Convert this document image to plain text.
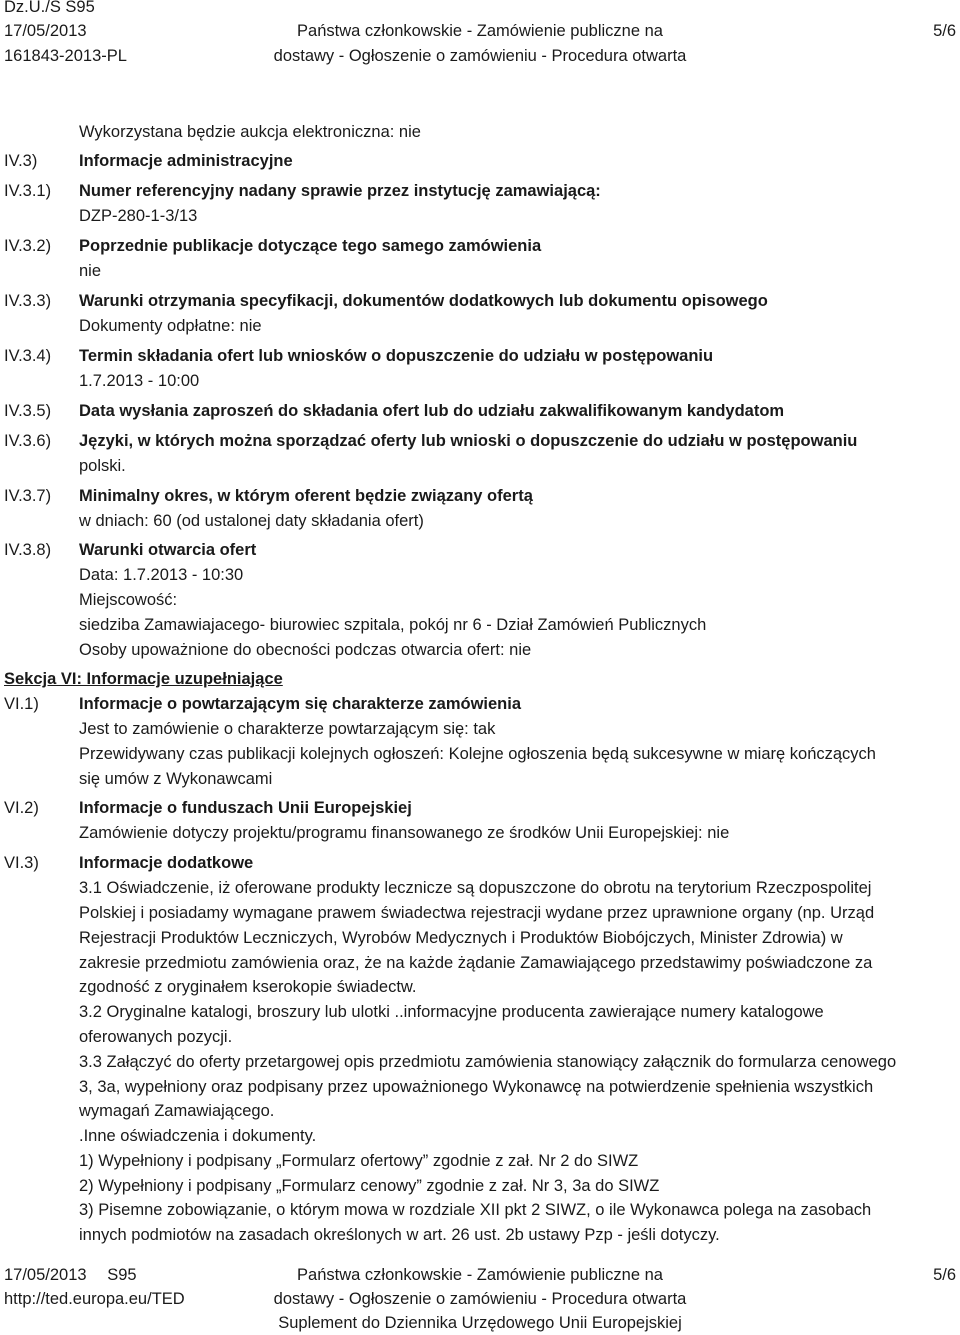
Dz.U./S S95
17/05/2013	Państwa członkowskie - Zamówienie publiczne na	5/6
161843-2013-PL	dostawy - Ogłoszenie o zamówieniu - Procedura otwarta
Wykorzystana będzie aukcja elektroniczna: nie
IV.3)	Informacje administracyjne
IV.3.1)	Numer referencyjny nadany sprawie przez instytucję zamawiającą:
DZP-280-1-3/13
IV.3.2)	Poprzednie publikacje dotyczące tego samego zamówienia
nie
IV.3.3)	Warunki otrzymania specyfikacji, dokumentów dodatkowych lub dokumentu opisowego
Dokumenty odpłatne: nie
IV.3.4)	Termin składania ofert lub wniosków o dopuszczenie do udziału w postępowaniu
1.7.2013 - 10:00
IV.3.5)	Data wysłania zaproszeń do składania ofert lub do udziału zakwalifikowanym kandydatom
IV.3.6)	Języki, w których można sporządzać oferty lub wnioski o dopuszczenie do udziału w postępowaniu
polski.
IV.3.7)	Minimalny okres, w którym oferent będzie związany ofertą
w dniach: 60 (od ustalonej daty składania ofert)
IV.3.8)	Warunki otwarcia ofert
Data: 1.7.2013 - 10:30
Miejscowość:
siedziba Zamawiajacego- biurowiec szpitala, pokój nr 6 - Dział Zamówień Publicznych
Osoby upoważnione do obecności podczas otwarcia ofert: nie
Sekcja VI: Informacje uzupełniające
VI.1)	Informacje o powtarzającym się charakterze zamówienia
Jest to zamówienie o charakterze powtarzającym się: tak
Przewidywany czas publikacji kolejnych ogłoszeń: Kolejne ogłoszenia będą sukcesywne w miarę kończących
się umów z Wykonawcami
VI.2)	Informacje o funduszach Unii Europejskiej
Zamówienie dotyczy projektu/programu finansowanego ze środków Unii Europejskiej: nie
VI.3)	Informacje dodatkowe
3.1 Oświadczenie, iż oferowane produkty lecznicze są dopuszczone do obrotu na terytorium Rzeczpospolitej
Polskiej i posiadamy wymagane prawem świadectwa rejestracji wydane przez uprawnione organy (np. Urząd
Rejestracji Produktów Leczniczych, Wyrobów Medycznych i Produktów Biobójczych, Minister Zdrowia) w
zakresie przedmiotu zamówienia oraz, że na każde żądanie Zamawiającego przedstawimy poświadczone za
zgodność z oryginałem kserokopie świadectw.
3.2 Oryginalne katalogi, broszury lub ulotki ..informacyjne producenta zawierające numery katalogowe
oferowanych pozycji.
3.3 Załączyć do oferty przetargowej opis przedmiotu zamówienia stanowiący załącznik do formularza cenowego
3, 3a, wypełniony oraz podpisany przez upoważnionego Wykonawcę na potwierdzenie spełnienia wszystkich
wymagań Zamawiającego.
.Inne oświadczenia i dokumenty.
1) Wypełniony i podpisany „Formularz ofertowy” zgodnie z zał. Nr 2 do SIWZ
2) Wypełniony i podpisany „Formularz cenowy” zgodnie z zał. Nr 3, 3a do SIWZ
3) Pisemne zobowiązanie, o którym mowa w rozdziale XII pkt 2 SIWZ, o ile Wykonawca polega na zasobach
innych podmiotów na zasadach określonych w art. 26 ust. 2b ustawy Pzp - jeśli dotyczy.
17/05/2013 S95	Państwa członkowskie - Zamówienie publiczne na	5/6
http://ted.europa.eu/TED	dostawy - Ogłoszenie o zamówieniu - Procedura otwarta
Suplement do Dziennika Urzędowego Unii Europejskiej
